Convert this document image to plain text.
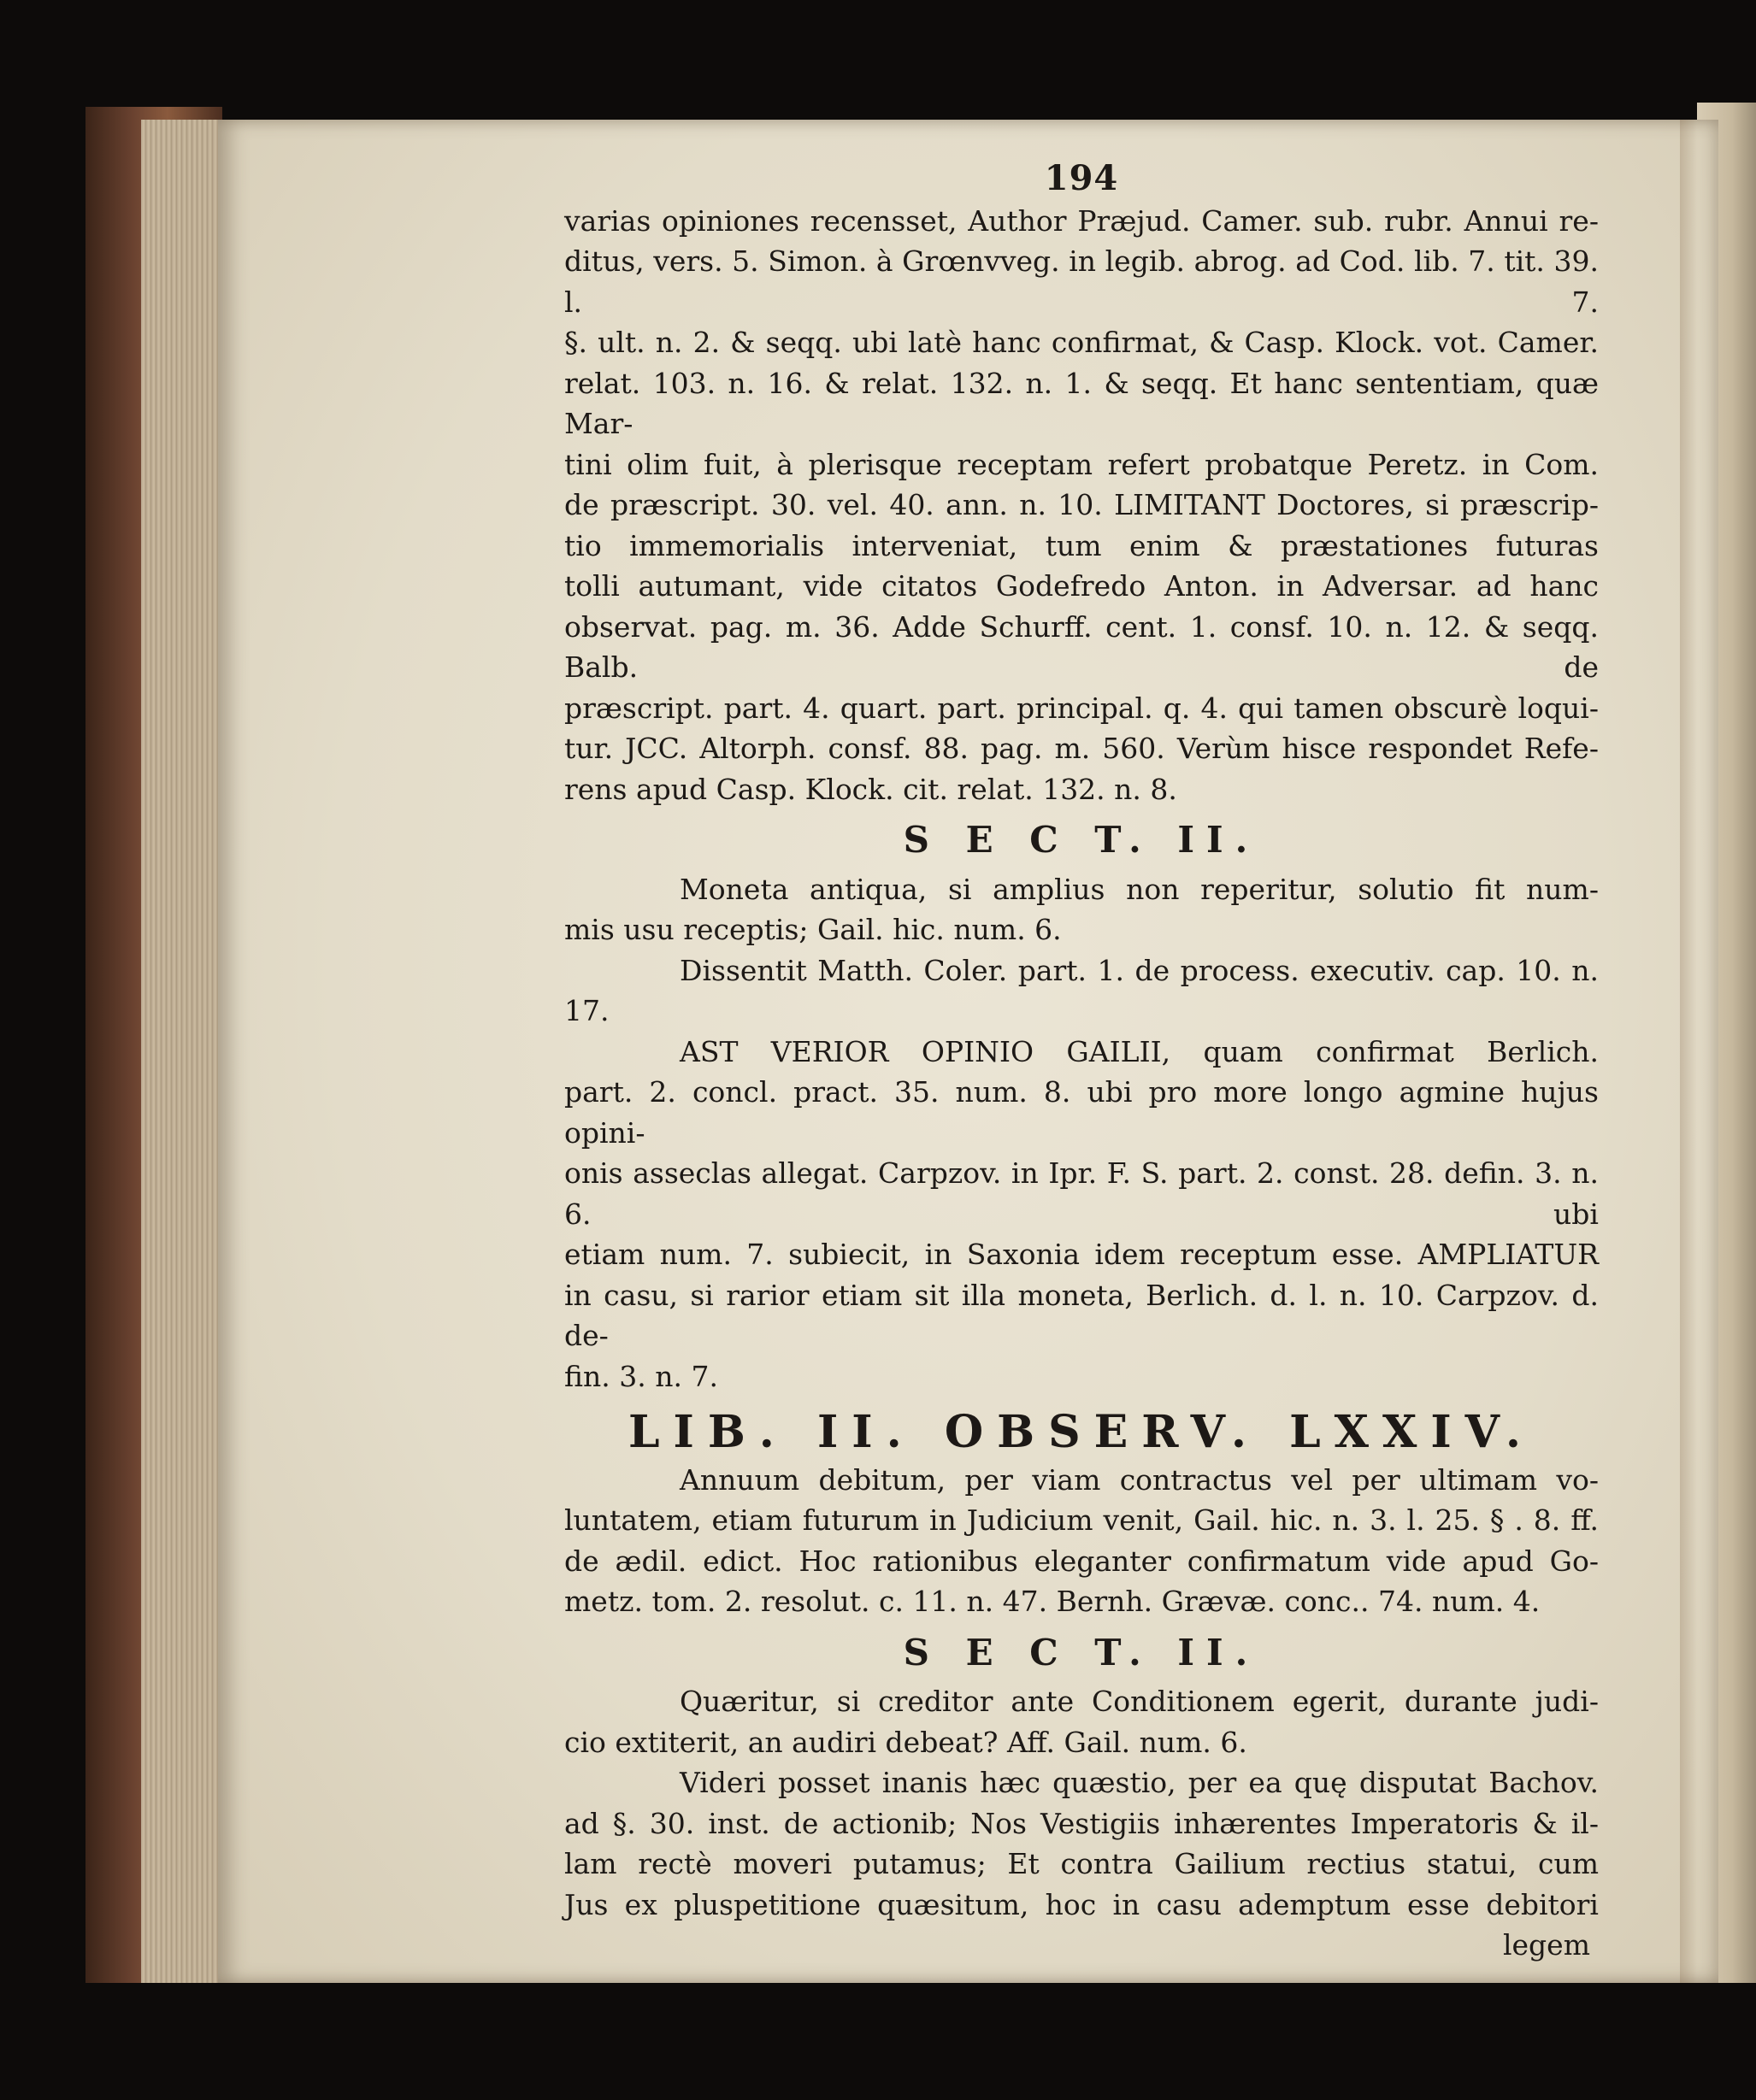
194

varias opiniones recensset, Author Præjud. Camer. sub. rubr. Annui re-

ditus, vers. 5. Simon. à Grœnvveg. in legib. abrog. ad Cod. lib. 7. tit. 39. l. 7.

§. ult. n. 2. & seqq. ubi latè hanc confirmat, & Casp. Klock. vot. Camer.

relat. 103. n. 16. & relat. 132. n. 1. & seqq. Et hanc sententiam, quæ Mar-

tini olim fuit, à plerisque receptam refert probatque Peretz. in Com.

de præscript. 30. vel. 40. ann. n. 10. LIMITANT Doctores, si præscrip-

tio immemorialis interveniat, tum enim & præstationes futuras

tolli autumant, vide citatos Godefredo Anton. in Adversar. ad hanc

observat. pag. m. 36. Adde Schurff. cent. 1. consf. 10. n. 12. & seqq. Balb. de

præscript. part. 4. quart. part. principal. q. 4. qui tamen obscurè loqui-

tur. JCC. Altorph. consf. 88. pag. m. 560. Verùm hisce respondet Refe-

rens apud Casp. Klock. cit. relat. 132. n. 8.

S E C T. II.

Moneta antiqua, si amplius non reperitur, solutio fit num-

mis usu receptis; Gail. hic. num. 6.

Dissentit Matth. Coler. part. 1. de process. executiv. cap. 10. n. 17.

AST VERIOR OPINIO GAILII, quam confirmat Berlich.

part. 2. concl. pract. 35. num. 8. ubi pro more longo agmine hujus opini-

onis asseclas allegat. Carpzov. in Ipr. F. S. part. 2. const. 28. defin. 3. n. 6. ubi

etiam num. 7. subiecit, in Saxonia idem receptum esse. AMPLIATUR

in casu, si rarior etiam sit illa moneta, Berlich. d. l. n. 10. Carpzov. d. de-

fin. 3. n. 7.

LIB. II. OBSERV. LXXIV.

Annuum debitum, per viam contractus vel per ultimam vo-

luntatem, etiam futurum in Judicium venit, Gail. hic. n. 3. l. 25. § . 8. ff.

de ædil. edict. Hoc rationibus eleganter confirmatum vide apud Go-

metz. tom. 2. resolut. c. 11. n. 47. Bernh. Grævæ. conc.. 74. num. 4.

S E C T. II.

Quæritur, si creditor ante Conditionem egerit, durante judi-

cio extiterit, an audiri debeat? Aff. Gail. num. 6.

Videri posset inanis hæc quæstio, per ea quę disputat Bachov.

ad §. 30. inst. de actionib; Nos Vestigiis inhærentes Imperatoris & il-

lam rectè moveri putamus; Et contra Gailium rectius statui, cum

Jus ex pluspetitione quæsitum, hoc in casu ademptum esse debitori

legem
